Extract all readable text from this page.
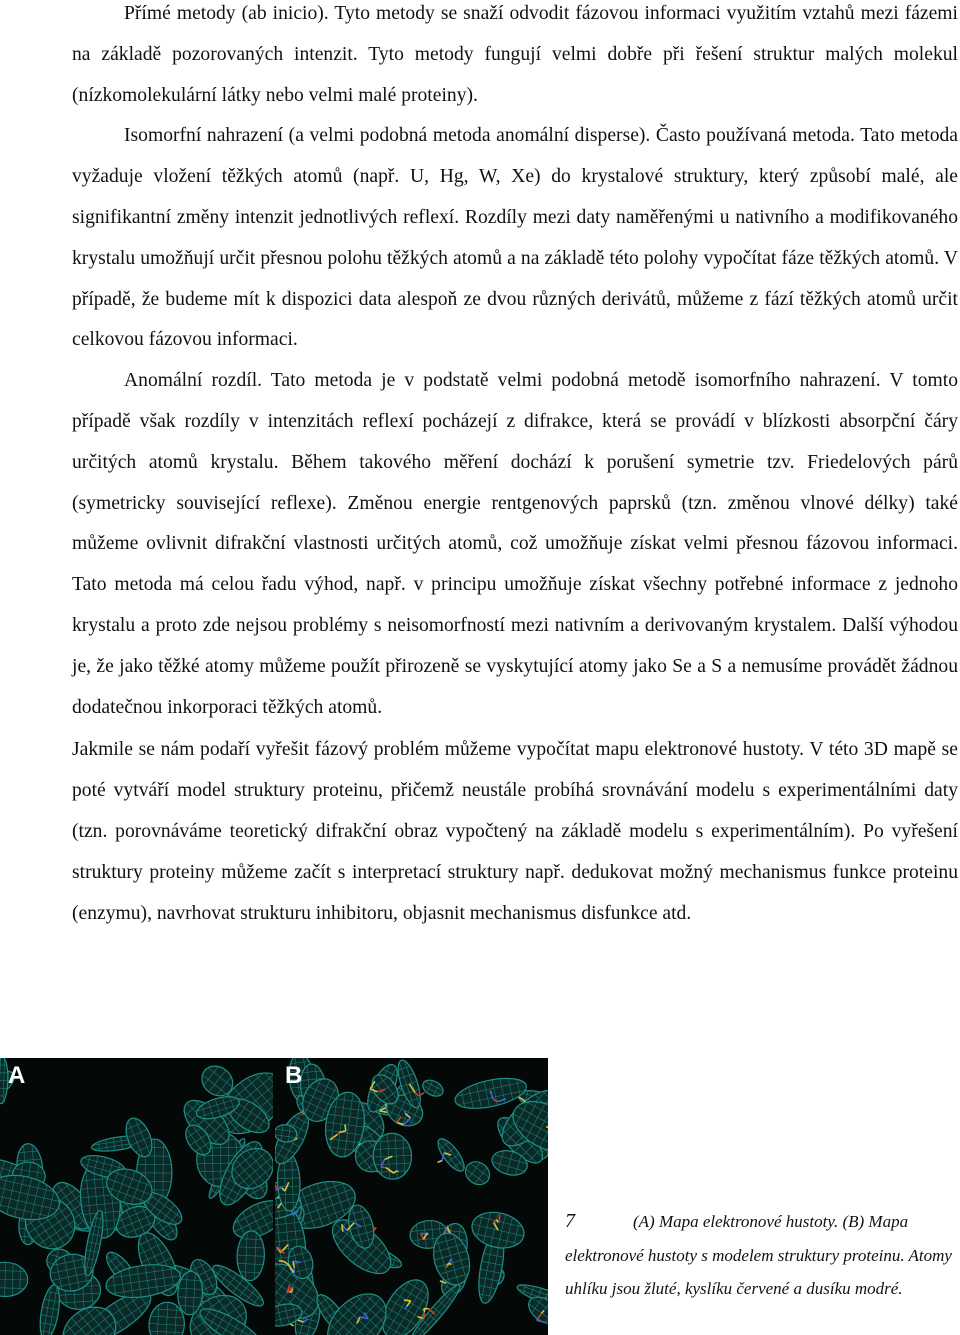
Přímé metody (ab inicio). Tyto metody se snaží odvodit fázovou informaci využitím vztahů mezi fázemi na základě pozorovaných intenzit. Tyto metody fungují velmi dobře při řešení struktur malých molekul (nízkomolekulární látky nebo velmi malé proteiny).

Isomorfní nahrazení (a velmi podobná metoda anomální disperse). Často používaná metoda. Tato metoda vyžaduje vložení těžkých atomů (např. U, Hg, W, Xe) do krystalové struktury, který způsobí malé, ale signifikantní změny intenzit jednotlivých reflexí. Rozdíly mezi daty naměřenými u nativního a modifikovaného krystalu umožňují určit přesnou polohu těžkých atomů a na základě této polohy vypočítat fáze těžkých atomů. V případě, že budeme mít k dispozici data alespoň ze dvou různých derivátů, můžeme z fází těžkých atomů určit celkovou fázovou informaci.

Anomální rozdíl. Tato metoda je v podstatě velmi podobná metodě isomorfního nahrazení. V tomto případě však rozdíly v intenzitách reflexí pocházejí z difrakce, která se provádí v blízkosti absorpční čáry určitých atomů krystalu. Během takového měření dochází k porušení symetrie tzv. Friedelových párů (symetricky související reflexe). Změnou energie rentgenových paprsků (tzn. změnou vlnové délky) také můžeme ovlivnit difrakční vlastnosti určitých atomů, což umožňuje získat velmi přesnou fázovou informaci. Tato metoda má celou řadu výhod, např. v principu umožňuje získat všechny potřebné informace z jednoho krystalu a proto zde nejsou problémy s neisomorfností mezi nativním a derivovaným krystalem. Další výhodou je, že jako těžké atomy můžeme použít přirozeně se vyskytující atomy jako Se a S a nemusíme provádět žádnou dodatečnou inkorporaci těžkých atomů.

Jakmile se nám podaří vyřešit fázový problém můžeme vypočítat mapu elektronové hustoty. V této 3D mapě se poté vytváří model struktury proteinu, přičemž neustále probíhá srovnávání modelu s experimentálními daty (tzn. porovnáváme teoretický difrakční obraz vypočtený na základě modelu s experimentálním). Po vyřešení struktury proteiny můžeme začít s interpretací struktury např. dedukovat možný mechanismus funkce proteinu (enzymu), navrhovat strukturu inhibitoru, objasnit mechanismus disfunkce atd.

A	B
7	(A) Mapa elektronové hustoty. (B) Mapa elektronové hustoty s modelem struktury proteinu. Atomy uhlíku jsou žluté, kyslíku červené a dusíku modré.
